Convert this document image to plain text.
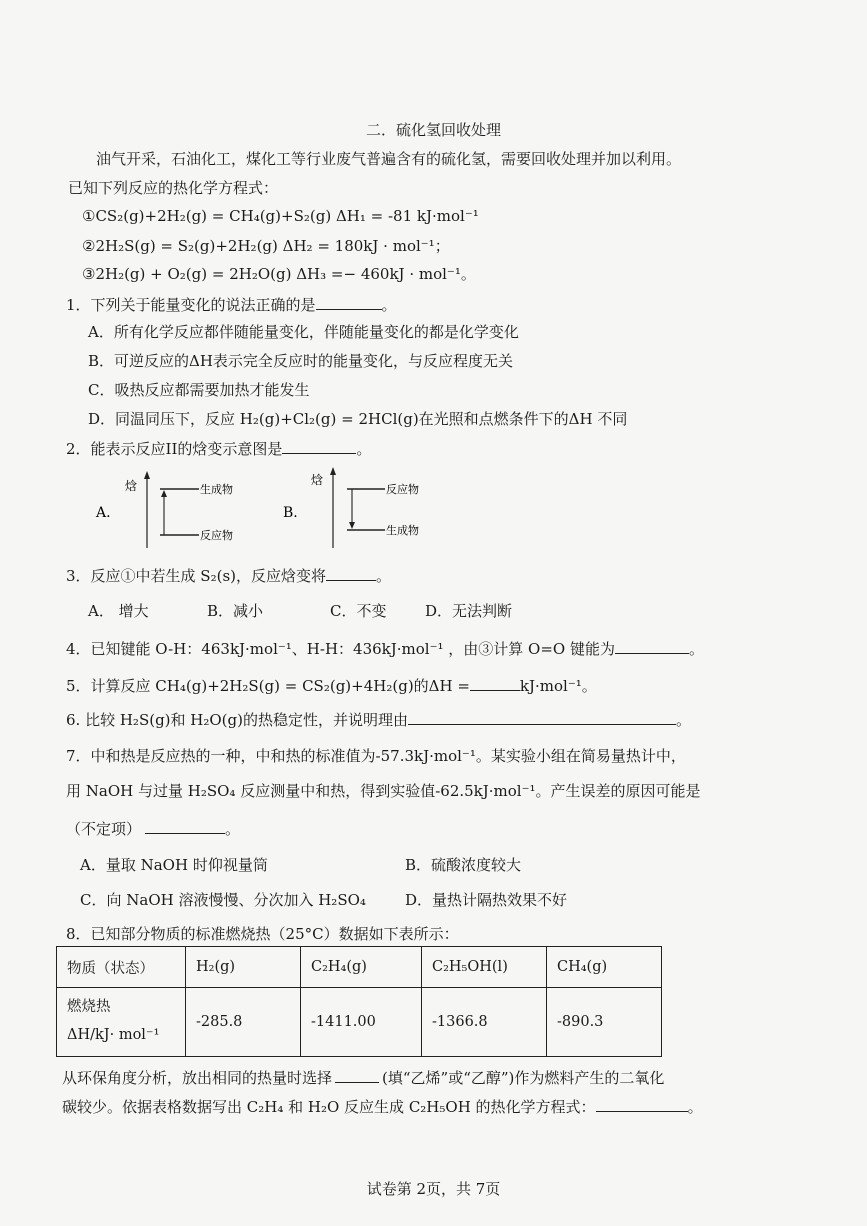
二．硫化氢回收处理
油气开采，石油化工，煤化工等行业废气普遍含有的硫化氢，需要回收处理并加以利用。
已知下列反应的热化学方程式：
①CS₂(g)+2H₂(g) = CH₄(g)+S₂(g) ΔH₁ = -81 kJ·mol⁻¹
②2H₂S(g) = S₂(g)+2H₂(g) ΔH₂ = 180kJ · mol⁻¹；
③2H₂(g) + O₂(g) = 2H₂O(g) ΔH₃ =− 460kJ · mol⁻¹。
1．下列关于能量变化的说法正确的是	。
A．所有化学反应都伴随能量变化，伴随能量变化的都是化学变化
B．可逆反应的ΔH表示完全反应时的能量变化，与反应程度无关
C．吸热反应都需要加热才能发生
D．同温同压下，反应 H₂(g)+Cl₂(g) = 2HCl(g)在光照和点燃条件下的ΔH 不同
2．能表示反应II的焓变示意图是	。
A.
焓	生成物
反应物
B.
焓
反应物
生成物
3．反应①中若生成 S₂(s)，反应焓变将	。
A． 增大	B．减小	C．不变	D．无法判断
4．已知键能 O-H：463kJ·mol⁻¹、H-H：436kJ·mol⁻¹ ，由③计算 O=O 键能为	。
5．计算反应 CH₄(g)+2H₂S(g) = CS₂(g)+4H₂(g)的ΔH =	kJ·mol⁻¹。
6. 比较 H₂S(g)和 H₂O(g)的热稳定性，并说明理由	。
7．中和热是反应热的一种，中和热的标准值为-57.3kJ·mol⁻¹。某实验小组在简易量热计中，
用 NaOH 与过量 H₂SO₄ 反应测量中和热，得到实验值-62.5kJ·mol⁻¹。产生误差的原因可能是
（不定项）	。
A．量取 NaOH 时仰视量筒	B．硫酸浓度较大
C．向 NaOH 溶液慢慢、分次加入 H₂SO₄	D．量热计隔热效果不好
8．已知部分物质的标准燃烧热（25°C）数据如下表所示：
物质（状态）	H₂(g)	C₂H₄(g)	C₂H₅OH(l)	CH₄(g)
燃烧热
ΔH/kJ· mol⁻¹	-285.8	-1411.00	-1366.8	-890.3
从环保角度分析，放出相同的热量时选择	(填“乙烯”或“乙醇”)作为燃料产生的二氧化
碳较少。依据表格数据写出 C₂H₄ 和 H₂O 反应生成 C₂H₅OH 的热化学方程式：	。
试卷第 2页，共 7页
